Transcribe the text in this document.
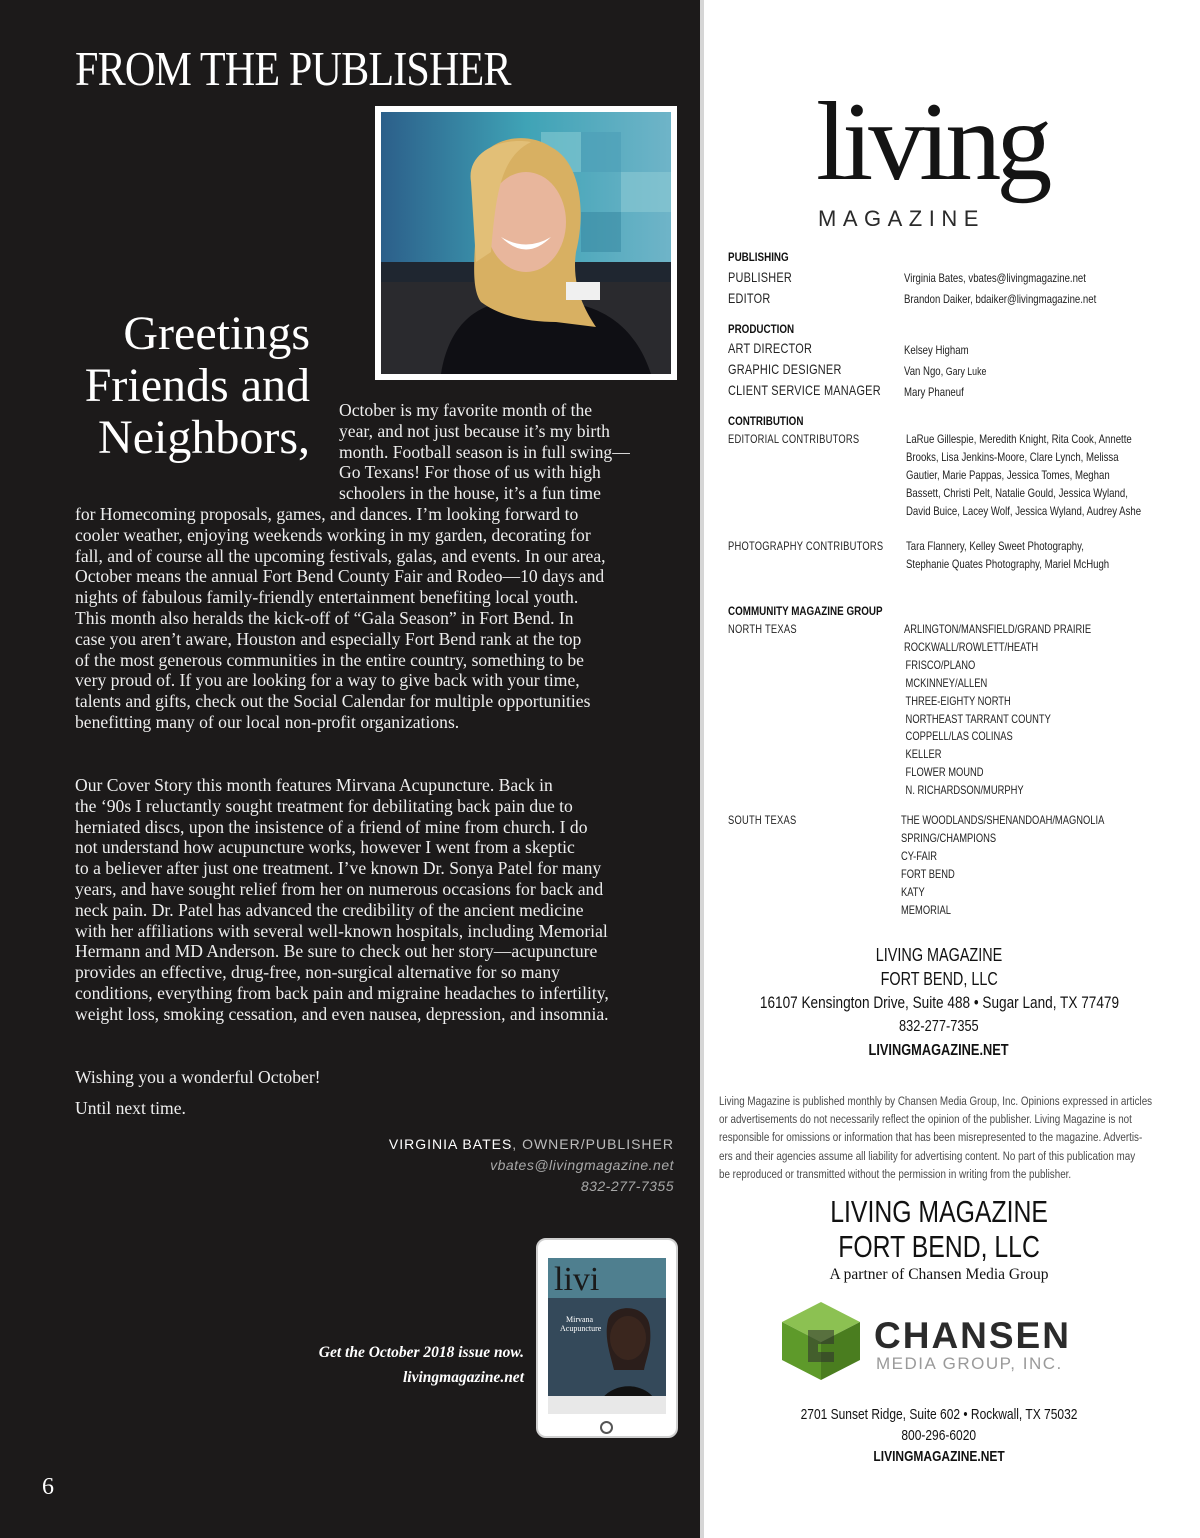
FROM THE PUBLISHER
Greetings
Friends and
Neighbors,
October is my favorite month of the
year, and not just because it’s my birth
month. Football season is in full swing—
Go Texans! For those of us with high
schoolers in the house, it’s a fun time
for Homecoming proposals, games, and dances. I’m looking forward to
cooler weather, enjoying weekends working in my garden, decorating for
fall, and of course all the upcoming festivals, galas, and events. In our area,
October means the annual Fort Bend County Fair and Rodeo—10 days and
nights of fabulous family-friendly entertainment benefiting local youth.
This month also heralds the kick-off of “Gala Season” in Fort Bend. In
case you aren’t aware, Houston and especially Fort Bend rank at the top
of the most generous communities in the entire country, something to be
very proud of. If you are looking for a way to give back with your time,
talents and gifts, check out the Social Calendar for multiple opportunities
benefitting many of our local non-profit organizations.
Our Cover Story this month features Mirvana Acupuncture. Back in
the ‘90s I reluctantly sought treatment for debilitating back pain due to
herniated discs, upon the insistence of a friend of mine from church. I do
not understand how acupuncture works, however I went from a skeptic
to a believer after just one treatment. I’ve known Dr. Sonya Patel for many
years, and have sought relief from her on numerous occasions for back and
neck pain. Dr. Patel has advanced the credibility of the ancient medicine
with her affiliations with several well-known hospitals, including Memorial
Hermann and MD Anderson. Be sure to check out her story—acupuncture
provides an effective, drug-free, non-surgical alternative for so many
conditions, everything from back pain and migraine headaches to infertility,
weight loss, smoking cessation, and even nausea, depression, and insomnia.
Wishing you a wonderful October!
Until next time.
VIRGINIA BATES, OWNER/PUBLISHER
vbates@livingmagazine.net
832-277-7355
Get the October 2018 issue now.
livingmagazine.net
livi
Mirvana
Acupuncture
6
living
MAGAZINE
PUBLISHING
PUBLISHER	Virginia Bates, vbates@livingmagazine.net
EDITOR	Brandon Daiker, bdaiker@livingmagazine.net
PRODUCTION
ART DIRECTOR	Kelsey Higham
GRAPHIC DESIGNER	Van Ngo, Gary Luke
CLIENT SERVICE MANAGER Mary Phaneuf
CONTRIBUTION
EDITORIAL CONTRIBUTORS	LaRue Gillespie, Meredith Knight, Rita Cook, Annette
Brooks, Lisa Jenkins-Moore, Clare Lynch, Melissa
Gautier, Marie Pappas, Jessica Tomes, Meghan
Bassett, Christi Pelt, Natalie Gould, Jessica Wyland,
David Buice, Lacey Wolf, Jessica Wyland, Audrey Ashe
PHOTOGRAPHY CONTRIBUTORS Tara Flannery, Kelley Sweet Photography,
Stephanie Quates Photography, Mariel McHugh
COMMUNITY MAGAZINE GROUP
NORTH TEXAS	ARLINGTON/MANSFIELD/GRAND PRAIRIE
ROCKWALL/ROWLETT/HEATH
FRISCO/PLANO
MCKINNEY/ALLEN
THREE-EIGHTY NORTH
NORTHEAST TARRANT COUNTY
COPPELL/LAS COLINAS
KELLER
FLOWER MOUND
N. RICHARDSON/MURPHY
SOUTH TEXAS	THE WOODLANDS/SHENANDOAH/MAGNOLIA
SPRING/CHAMPIONS
CY-FAIR
FORT BEND
KATY
MEMORIAL
LIVING MAGAZINE
FORT BEND, LLC
16107 Kensington Drive, Suite 488 • Sugar Land, TX 77479
832-277-7355
LIVINGMAGAZINE.NET
Living Magazine is published monthly by Chansen Media Group, Inc. Opinions expressed in articles
or advertisements do not necessarily reflect the opinion of the publisher. Living Magazine is not
responsible for omissions or information that has been misrepresented to the magazine. Advertis-
ers and their agencies assume all liability for advertising content. No part of this publication may
be reproduced or transmitted without the permission in writing from the publisher.
LIVING MAGAZINE
FORT BEND, LLC
A partner of Chansen Media Group
CHANSEN
MEDIA GROUP, INC.
2701 Sunset Ridge, Suite 602 • Rockwall, TX 75032
800-296-6020
LIVINGMAGAZINE.NET
